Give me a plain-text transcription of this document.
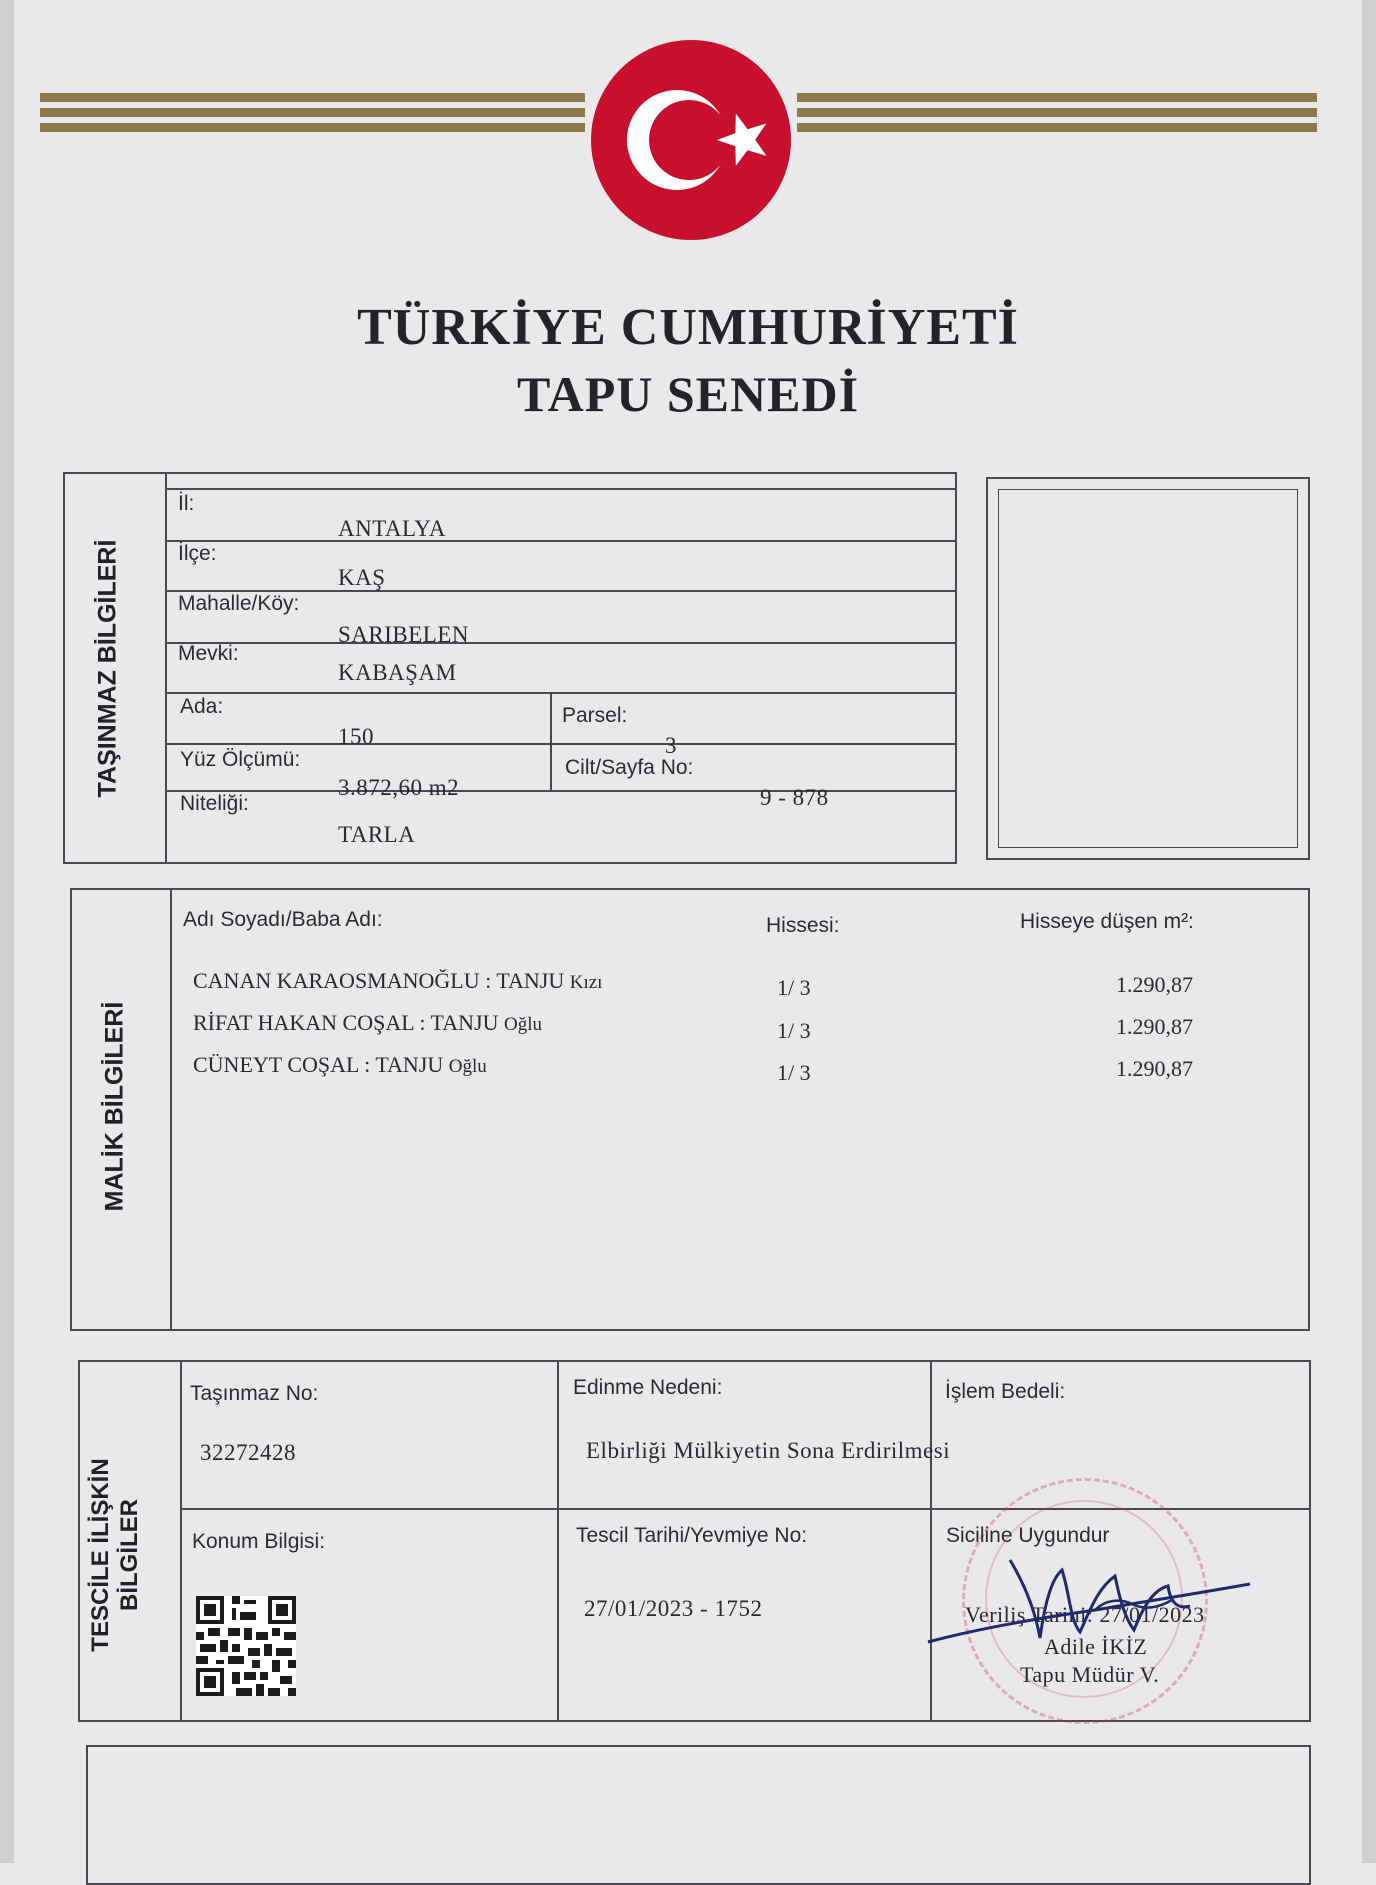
TÜRKİYE CUMHURİYETİ
TAPU SENEDİ
TAŞINMAZ BİLGİLERİ
İl:
ANTALYA
İlçe:
KAŞ
Mahalle/Köy:
SARIBELEN
Mevki:
KABAŞAM
Ada:
150
Parsel:
3
Yüz Ölçümü:
3.872,60 m2
Cilt/Sayfa No:
9 - 878
Niteliği:
TARLA
MALİK BİLGİLERİ
Adı Soyadı/Baba Adı:	Hissesi:	Hisseye düşen m²:
CANAN KARAOSMANOĞLU : TANJU Kızı	1/ 3	1.290,87
RİFAT HAKAN COŞAL : TANJU Oğlu	1/ 3	1.290,87
CÜNEYT COŞAL : TANJU Oğlu	1/ 3	1.290,87
TESCİLE İLİŞKİN BİLGİLER
Taşınmaz No:
32272428
Edinme Nedeni:
Elbirliği Mülkiyetin Sona Erdirilmesi
İşlem Bedeli:
Konum Bilgisi:	Tescil Tarihi/Yevmiye No:
27/01/2023 - 1752
Siciline Uygundur
Veriliş Tarihi: 27/01/2023
Adile İKİZ
Tapu Müdür V.
